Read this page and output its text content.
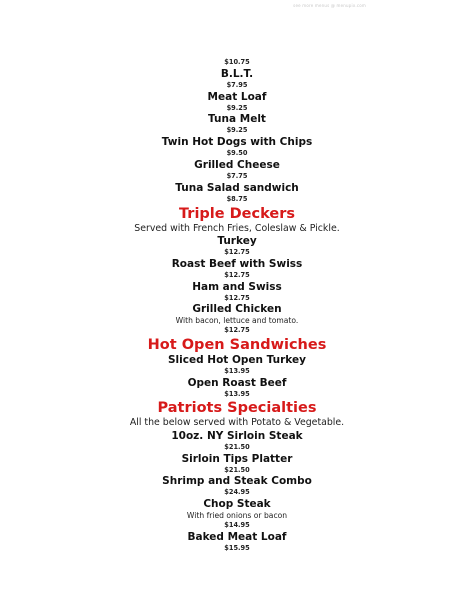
see more menus @ menupix.com
$10.75
B.L.T.
$7.95
Meat Loaf
$9.25
Tuna Melt
$9.25
Twin Hot Dogs with Chips
$9.50
Grilled Cheese
$7.75
Tuna Salad sandwich
$8.75
Triple Deckers
Served with French Fries, Coleslaw & Pickle.
Turkey
$12.75
Roast Beef with Swiss
$12.75
Ham and Swiss
$12.75
Grilled Chicken
With bacon, lettuce and tomato.
$12.75
Hot Open Sandwiches
Sliced Hot Open Turkey
$13.95
Open Roast Beef
$13.95
Patriots Specialties
All the below served with Potato & Vegetable.
10oz. NY Sirloin Steak
$21.50
Sirloin Tips Platter
$21.50
Shrimp and Steak Combo
$24.95
Chop Steak
With fried onions or bacon
$14.95
Baked Meat Loaf
$15.95
